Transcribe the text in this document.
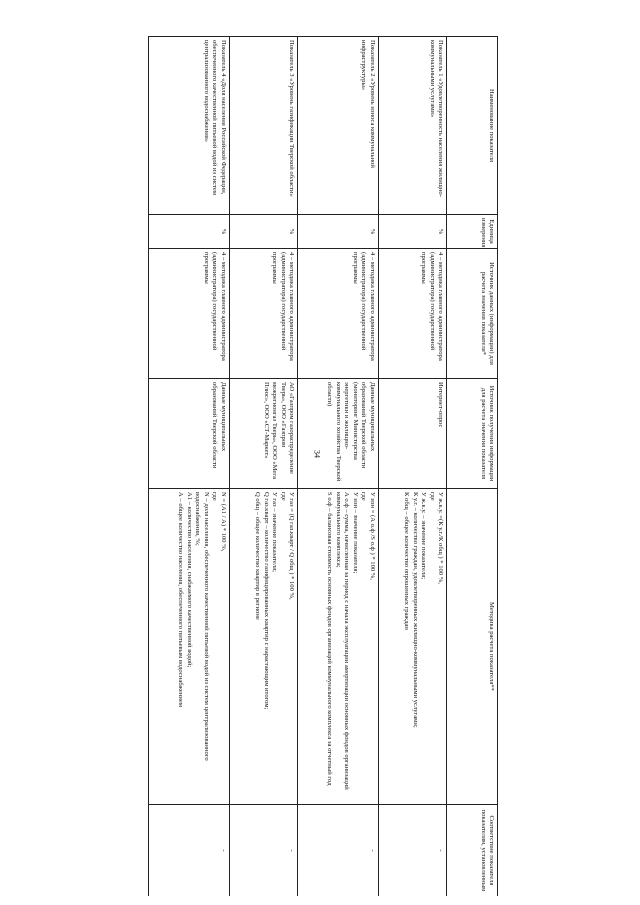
34
Наименование показателя	Единица измерения	Источник данных (информации) для расчета значения показателя*	Источник получения информации для расчета значения показателя	Методика расчета показателя**	Соответствие показателя показателям, установленным
Показатель 1 «Удовлетворенность населения жилищно-коммунальными услугами»	%	4 – методика главного администратора (администратора) государственной программы	Интернет-опрос	У ж.к.у. =(К у.г./К общ ) * 100 %,
где
У ж.к.у. – значение показателя;
К у.г. – количество граждан, удовлетворенных жилищно-коммунальными услугами;
К общ – общее количество опрошенных граждан	-
Показатель 2 «Уровень износа коммунальной инфраструктуры»	%	4 – методика главного администратора (администратора) государственной программы	Данные муниципальных образований Тверской области (мониторинг Министерства энергетики и жилищно-коммунального хозяйства Тверской области)	У изн = (А о.ф /S о.ф ) * 100 %,
где
У изн – значение показателя;
А о.ф – сумма, начисленная за период с начала эксплуатации амортизации основных фондов организаций коммунального комплекса;
S о.ф – балансовая стоимость основных фондов организаций коммунального комплекса за отчетный год	-
Показатель 3 «Уровень газификации Тверской области»	%	4 – методика главного администратора (администратора) государственной программы	АО «Газпром газораспределение Тверь», ООО «Газпром межрегионгаз Тверь», ООО «Мега Плюс», ООО «СТ-Маркет»	У газ = (Q газ.кварт / Q общ ) * 100 %,
где
У газ – значение показателя;
Q газ.кварт – количество газифицированных квартир с нарастающим итогом;
Q общ – общее количество квартир в регионе	-
Показатель 4 «Доля населения Российской Федерации, обеспеченного качественной питьевой водой из систем централизованного водоснабжения»	%	4 – методика главного администратора (администратора) государственной программы	Данные муниципальных образований Тверской области	N = (А1 / А) * 100 %,
где
N – доля населения, обеспеченного качественной питьевой водой из систем централизованного водоснабжения, %;
А1 – количество населения, снабжаемого качественной водой;
А – общее количество населения, обеспеченного питьевым водоснабжением	-
